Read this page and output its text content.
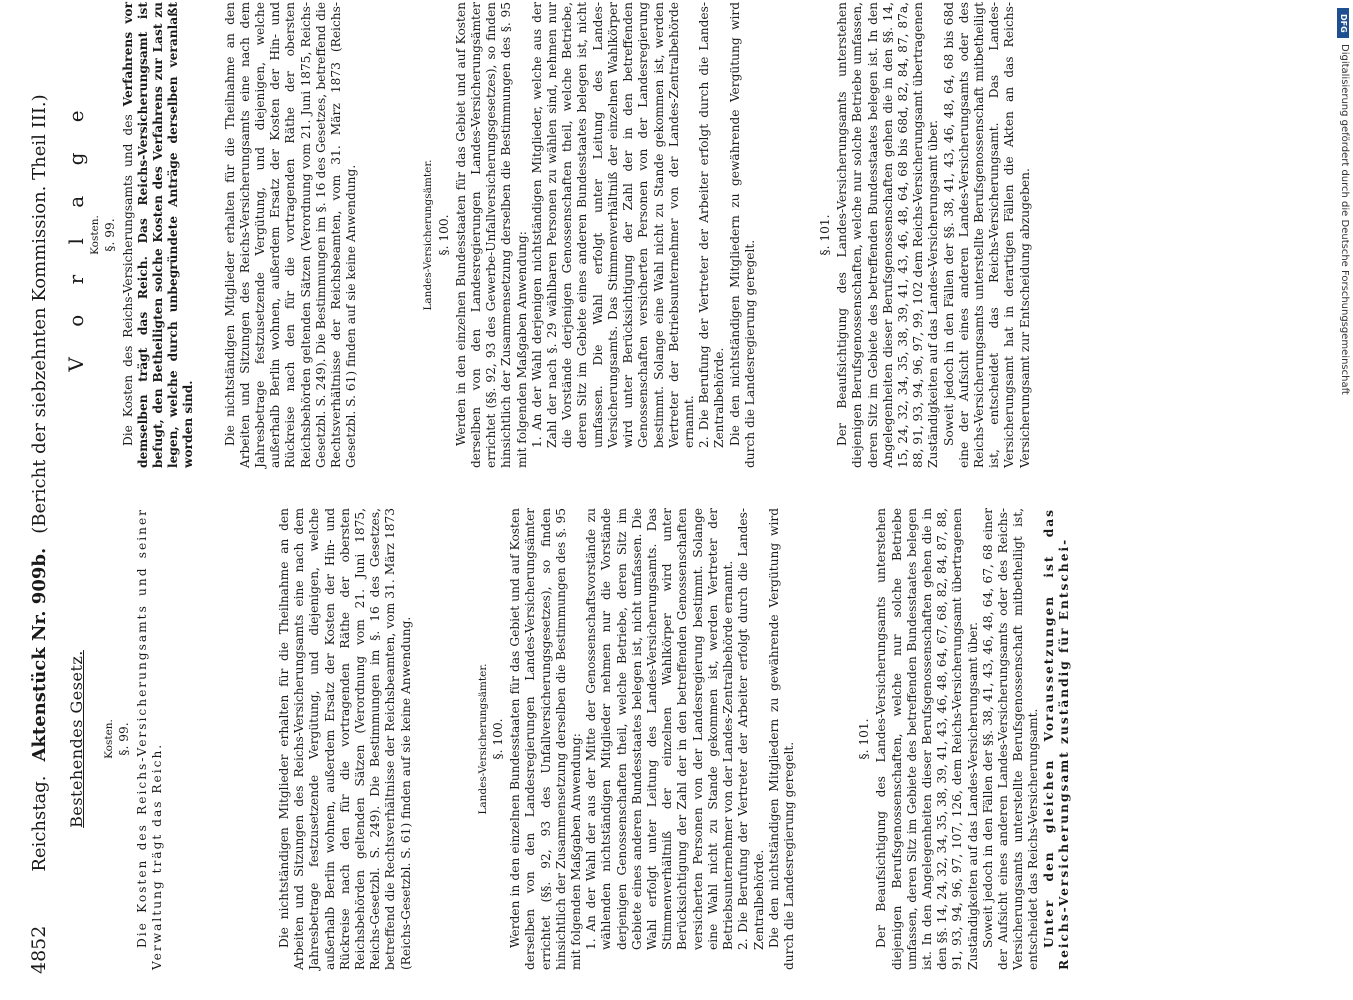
4852
Reichstag.
Aktenstück Nr. 909b.
(Bericht der siebzehnten Kommission. Theil III.)
Bestehendes Gesetz. Kosten. §. 99. Die Kosten des Reichs-Versicherungsamts und seiner Verwaltung trägt das Reich.	Die nichtständigen Mitglieder erhalten für die Theilnahme an den Arbeiten und Sitzungen des Reichs-Versicherungsamts eine nach dem Jahresbetrage festzusetzende Vergütung, und diejenigen, welche außerhalb Berlin wohnen, außerdem Ersatz der Kosten der Hin- und Rückreise nach den für die vortragenden Räthe der obersten Reichsbehörden geltenden Sätzen (Verordnung vom 21. Juni 1875, Reichs-Gesetzbl. S. 249). Die Bestimmungen im §. 16 des Gesetzes, betreffend die Rechtsverhältnisse der Reichsbeamten, vom 31. März 1873 (Reichs-Gesetzbl. S. 61) finden auf sie keine Anwendung.	Landes-Versicherungsämter. §. 100. Werden in den einzelnen Bundesstaaten für das Gebiet und auf Kosten derselben von den Landesregierungen Landes-Versicherungsämter errichtet (§§. 92, 93 des Unfallversicherungsgesetzes), so finden hinsichtlich der Zusammensetzung derselben die Bestimmungen des §. 95 mit folgenden Maßgaben Anwendung: 1. An der Wahl der aus der Mitte der Genossenschaftsvorstände zu wählenden nichtständigen Mitglieder nehmen nur die Vorstände derjenigen Genossenschaften theil, welche Betriebe, deren Sitz im Gebiete eines anderen Bundesstaates belegen ist, nicht umfassen. Die Wahl erfolgt unter Leitung des Landes-Versicherungsamts. Das Stimmenverhältniß der einzelnen Wahlkörper wird unter Berücksichtigung der Zahl der in den betreffenden Genossenschaften versicherten Personen von der Landesregierung bestimmt. Solange eine Wahl nicht zu Stande gekommen ist, werden Vertreter der Betriebsunternehmer von der Landes-Zentralbehörde ernannt. 2. Die Berufung der Vertreter der Arbeiter erfolgt durch die Landes-Zentralbehörde. Die den nichtständigen Mitgliedern zu gewährende Vergütung wird durch die Landesregierung geregelt.

§. 101. Der Beaufsichtigung des Landes-Versicherungsamts unterstehen diejenigen Berufsgenossenschaften, welche nur solche Betriebe umfassen, deren Sitz im Gebiete des betreffenden Bundesstaates belegen ist. In den Angelegenheiten dieser Berufsgenossenschaften gehen die in den §§. 14, 24, 32, 34, 35, 38, 39, 41, 43, 46, 48, 64, 67, 68, 82, 84, 87, 88, 91, 93, 94, 96, 97, 107, 126, dem Reichs-Versicherungsamt übertragenen Zuständigkeiten auf das Landes-Versicherungsamt über. Soweit jedoch in den Fällen der §§. 38, 41, 43, 46, 48, 64, 67, 68 einer der Aufsicht eines anderen Landes-Versicherungsamts oder des Reichs-Versicherungsamts unterstellte Berufsgenossenschaft mitbetheiligt ist, entscheidet das Reichs-Versicherungsamt. Unter den gleichen Voraussetzungen ist das Reichs-Versicherungsamt zuständig für Entschei-

V o r l a g e Kosten. §. 99. Die Kosten des Reichs-Versicherungsamts und des Verfahrens vor demselben trägt das Reich. Das Reichs-Versicherungsamt ist befugt, den Betheiligten solche Kosten des Verfahrens zur Last zu legen, welche durch unbegründete Anträge derselben veranlaßt worden sind. Die nichtständigen Mitglieder erhalten für die Theilnahme an den Arbeiten und Sitzungen des Reichs-Versicherungsamts eine nach dem Jahresbetrage festzusetzende Vergütung, und diejenigen, welche außerhalb Berlin wohnen, außerdem Ersatz der Kosten der Hin- und Rückreise nach den für die vortragenden Räthe der obersten Reichsbehörden geltenden Sätzen (Verordnung vom 21. Juni 1875, Reichs-Gesetzbl. S. 249). Die Bestimmungen im §. 16 des Gesetzes, betreffend die Rechtsverhältnisse der Reichsbeamten, vom 31. März 1873 (Reichs-Gesetzbl. S. 61) finden auf sie keine Anwendung.	Landes-Versicherungsämter. §. 100. Werden in den einzelnen Bundesstaaten für das Gebiet und auf Kosten derselben von den Landesregierungen Landes-Versicherungsämter errichtet (§§. 92, 93 des Gewerbe-Unfallversicherungsgesetzes), so finden hinsichtlich der Zusammensetzung derselben die Bestimmungen des §. 95 mit folgenden Maßgaben Anwendung: 1. An der Wahl derjenigen nichtständigen Mitglieder, welche aus der Zahl der nach §. 29 wählbaren Personen zu wählen sind, nehmen nur die Vorstände derjenigen Genossenschaften theil, welche Betriebe, deren Sitz im Gebiete eines anderen Bundesstaates belegen ist, nicht umfassen. Die Wahl erfolgt unter Leitung des Landes-Versicherungsamts. Das Stimmenverhältniß der einzelnen Wahlkörper wird unter Berücksichtigung der Zahl der in den betreffenden Genossenschaften versicherten Personen von der Landesregierung bestimmt. Solange eine Wahl nicht zu Stande gekommen ist, werden Vertreter der Betriebsunternehmer von der Landes-Zentralbehörde ernannt. 2. Die Berufung der Vertreter der Arbeiter erfolgt durch die Landes-Zentralbehörde. Die den nichtständigen Mitgliedern zu gewährende Vergütung wird durch die Landesregierung geregelt.

§. 101. Der Beaufsichtigung des Landes-Versicherungsamts unterstehen diejenigen Berufsgenossenschaften, welche nur solche Betriebe umfassen, deren Sitz im Gebiete des betreffenden Bundesstaates belegen ist. In den Angelegenheiten dieser Berufsgenossenschaften gehen die in den §§. 14, 15, 24, 32, 34, 35, 38, 39, 41, 43, 46, 48, 64, 68 bis 68d, 82, 84, 87, 87a, 88, 91, 93, 94, 96, 97, 99, 102 dem Reichs-Versicherungsamt übertragenen Zuständigkeiten auf das Landes-Versicherungsamt über. Soweit jedoch in den Fällen der §§. 38, 41, 43, 46, 48, 64, 68 bis 68d eine der Aufsicht eines anderen Landes-Versicherungsamts oder des Reichs-Versicherungsamts unterstellte Berufsgenossenschaft mitbetheiligt ist, entscheidet das Reichs-Versicherungsamt. Das Landes-Versicherungsamt hat in derartigen Fällen die Akten an das Reichs-Versicherungsamt zur Entscheidung abzugeben.

DFG
Digitalisierung gefördert durch die Deutsche Forschungsgemeinschaft
